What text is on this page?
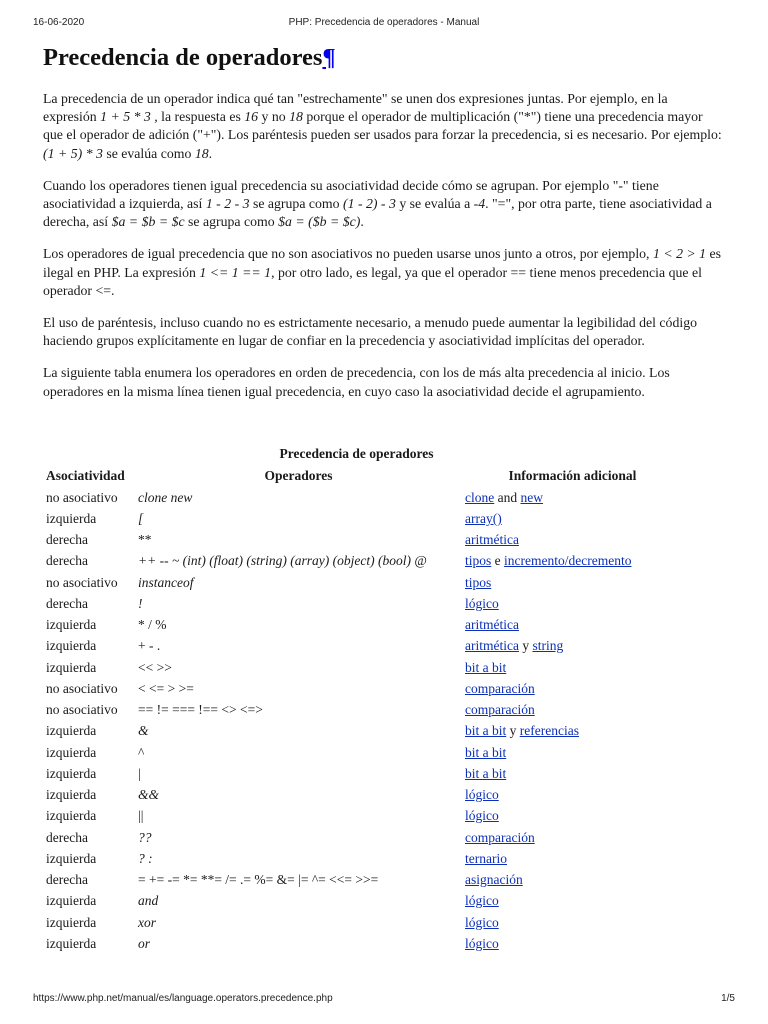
16-06-2020	PHP: Precedencia de operadores - Manual
Precedencia de operadores¶

La precedencia de un operador indica qué tan "estrechamente" se unen dos expresiones juntas. Por ejemplo, en la expresión 1 + 5 * 3 , la respuesta es 16 y no 18 porque el operador de multiplicación ("*") tiene una precedencia mayor que el operador de adición ("+"). Los paréntesis pueden ser usados para forzar la precedencia, si es necesario. Por ejemplo: (1 + 5) * 3 se evalúa como 18.

Cuando los operadores tienen igual precedencia su asociatividad decide cómo se agrupan. Por ejemplo "-" tiene asociatividad a izquierda, así 1 - 2 - 3 se agrupa como (1 - 2) - 3 y se evalúa a -4. "=", por otra parte, tiene asociatividad a derecha, así $a = $b = $c se agrupa como $a = ($b = $c).

Los operadores de igual precedencia que no son asociativos no pueden usarse unos junto a otros, por ejemplo, 1 < 2 > 1 es ilegal en PHP. La expresión 1 <= 1 == 1, por otro lado, es legal, ya que el operador == tiene menos precedencia que el operador <=.

El uso de paréntesis, incluso cuando no es estrictamente necesario, a menudo puede aumentar la legibilidad del código haciendo grupos explícitamente en lugar de confiar en la precedencia y asociatividad implícitas del operador.

La siguiente tabla enumera los operadores en orden de precedencia, con los de más alta precedencia al inicio. Los operadores en la misma línea tienen igual precedencia, en cuyo caso la asociatividad decide el agrupamiento.

Precedencia de operadores
Asociatividad	Operadores	Información adicional
no asociativo	clone new	clone and new
izquierda	[	array()
derecha	**	aritmética
derecha	++ -- ~ (int) (float) (string) (array) (object) (bool) @	tipos e incremento/decremento
no asociativo	instanceof	tipos
derecha	!	lógico
izquierda	* / %	aritmética
izquierda	+ - .	aritmética y string
izquierda	<< >>	bit a bit
no asociativo	< <= > >=	comparación
no asociativo	== != === !== <> <=>	comparación
izquierda	&	bit a bit y referencias
izquierda	^	bit a bit
izquierda	|	bit a bit
izquierda	&&	lógico
izquierda	||	lógico
derecha	??	comparación
izquierda	? :	ternario
derecha	= += -= *= **= /= .= %= &= |= ^= <<= >>=	asignación
izquierda	and	lógico
izquierda	xor	lógico
izquierda	or	lógico
https://www.php.net/manual/es/language.operators.precedence.php	1/5
